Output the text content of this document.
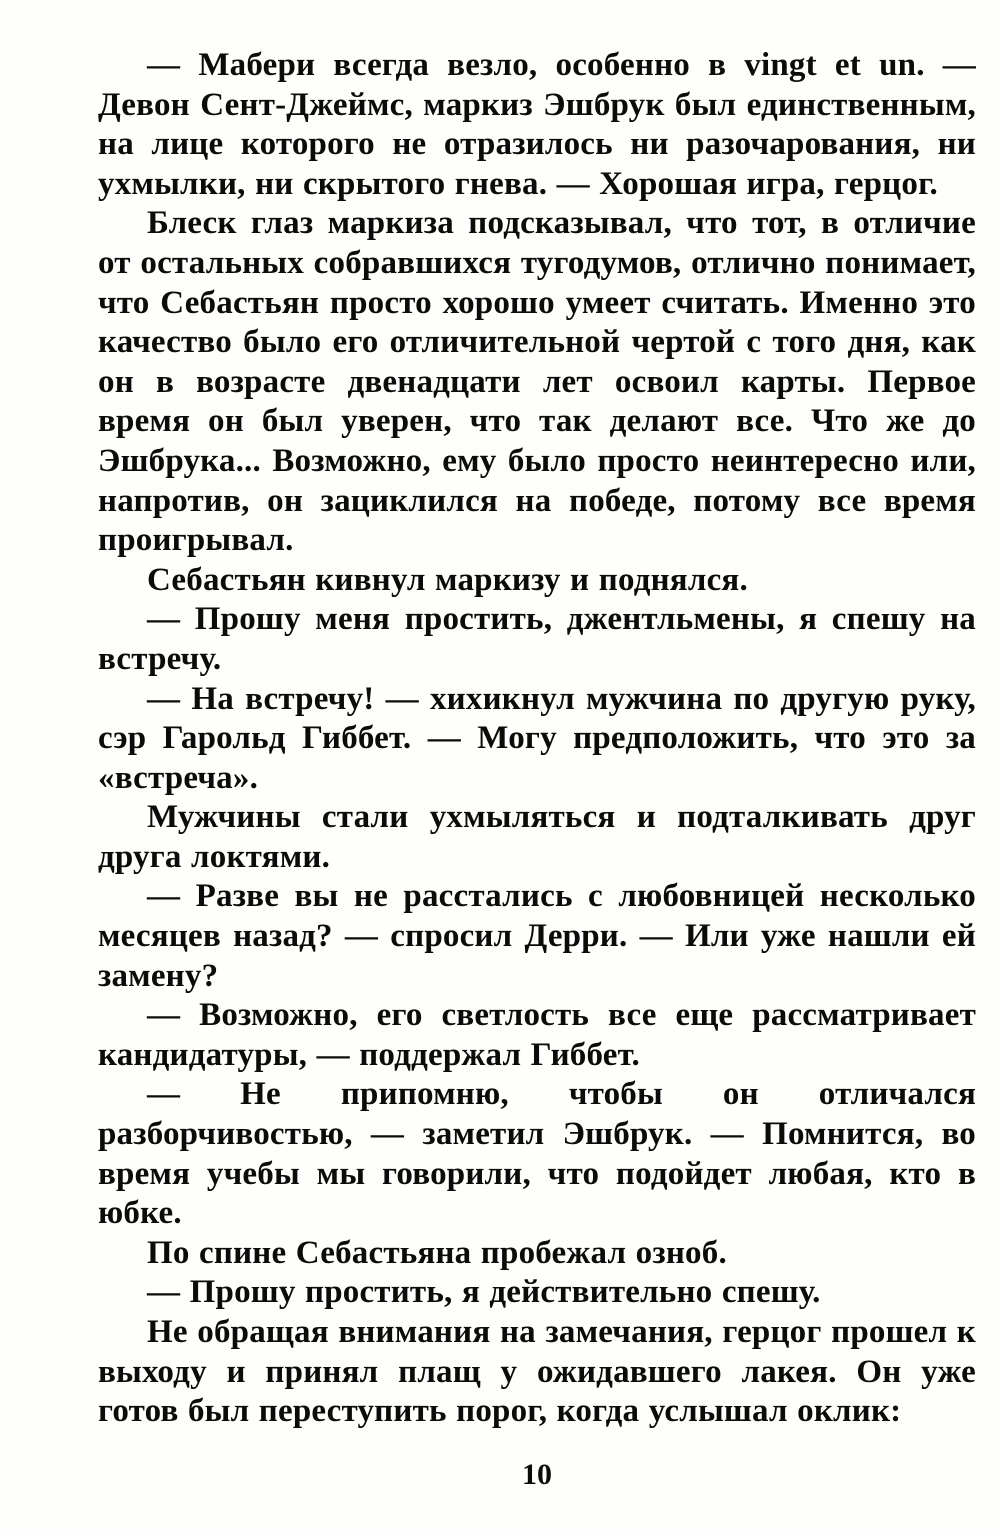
— Мабери всегда везло, особенно в vingt et un. — Девон Сент-Джеймс, маркиз Эшбрук был единственным, на лице которого не отразилось ни разочарования, ни ухмылки, ни скрытого гнева. — Хорошая игра, герцог.

Блеск глаз маркиза подсказывал, что тот, в отличие от остальных собравшихся тугодумов, отлично понимает, что Себастьян просто хорошо умеет считать. Именно это качество было его отличительной чертой с того дня, как он в возрасте двенадцати лет освоил карты. Первое время он был уверен, что так делают все. Что же до Эшбрука... Возможно, ему было просто неинтересно или, напротив, он зациклился на победе, потому все время проигрывал.

Себастьян кивнул маркизу и поднялся.

— Прошу меня простить, джентльмены, я спешу на встречу.

— На встречу! — хихикнул мужчина по другую руку, сэр Гарольд Гиббет. — Могу предположить, что это за «встреча».

Мужчины стали ухмыляться и подталкивать друг друга локтями.

— Разве вы не расстались с любовницей несколько месяцев назад? — спросил Дерри. — Или уже нашли ей замену?

— Возможно, его светлость все еще рассматривает кандидатуры, — поддержал Гиббет.

— Не припомню, чтобы он отличался разборчивостью, — заметил Эшбрук. — Помнится, во время учебы мы говорили, что подойдет любая, кто в юбке.

По спине Себастьяна пробежал озноб.

— Прошу простить, я действительно спешу.

Не обращая внимания на замечания, герцог прошел к выходу и принял плащ у ожидавшего лакея. Он уже готов был переступить порог, когда услышал оклик:

10
